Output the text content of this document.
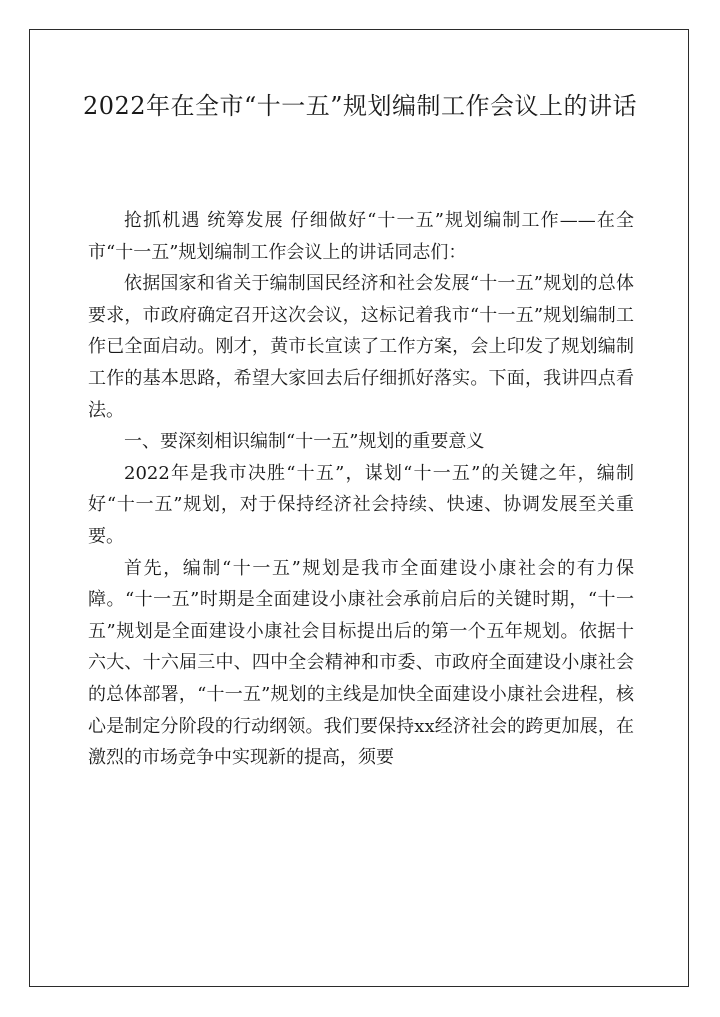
2022年在全市“十一五”规划编制工作会议上的讲话

抢抓机遇 统筹发展 仔细做好“十一五”规划编制工作——在全市“十一五”规划编制工作会议上的讲话同志们：

依据国家和省关于编制国民经济和社会发展“十一五”规划的总体要求，市政府确定召开这次会议，这标记着我市“十一五”规划编制工作已全面启动。刚才，黄市长宣读了工作方案，会上印发了规划编制工作的基本思路，希望大家回去后仔细抓好落实。下面，我讲四点看法。

一、要深刻相识编制“十一五”规划的重要意义

2022年是我市决胜“十五”，谋划“十一五”的关键之年，编制好“十一五”规划，对于保持经济社会持续、快速、协调发展至关重要。

首先，编制“十一五”规划是我市全面建设小康社会的有力保障。“十一五”时期是全面建设小康社会承前启后的关键时期，“十一五”规划是全面建设小康社会目标提出后的第一个五年规划。依据十六大、十六届三中、四中全会精神和市委、市政府全面建设小康社会的总体部署，“十一五”规划的主线是加快全面建设小康社会进程，核心是制定分阶段的行动纲领。我们要保持xx经济社会的跨更加展，在激烈的市场竞争中实现新的提高，须要
